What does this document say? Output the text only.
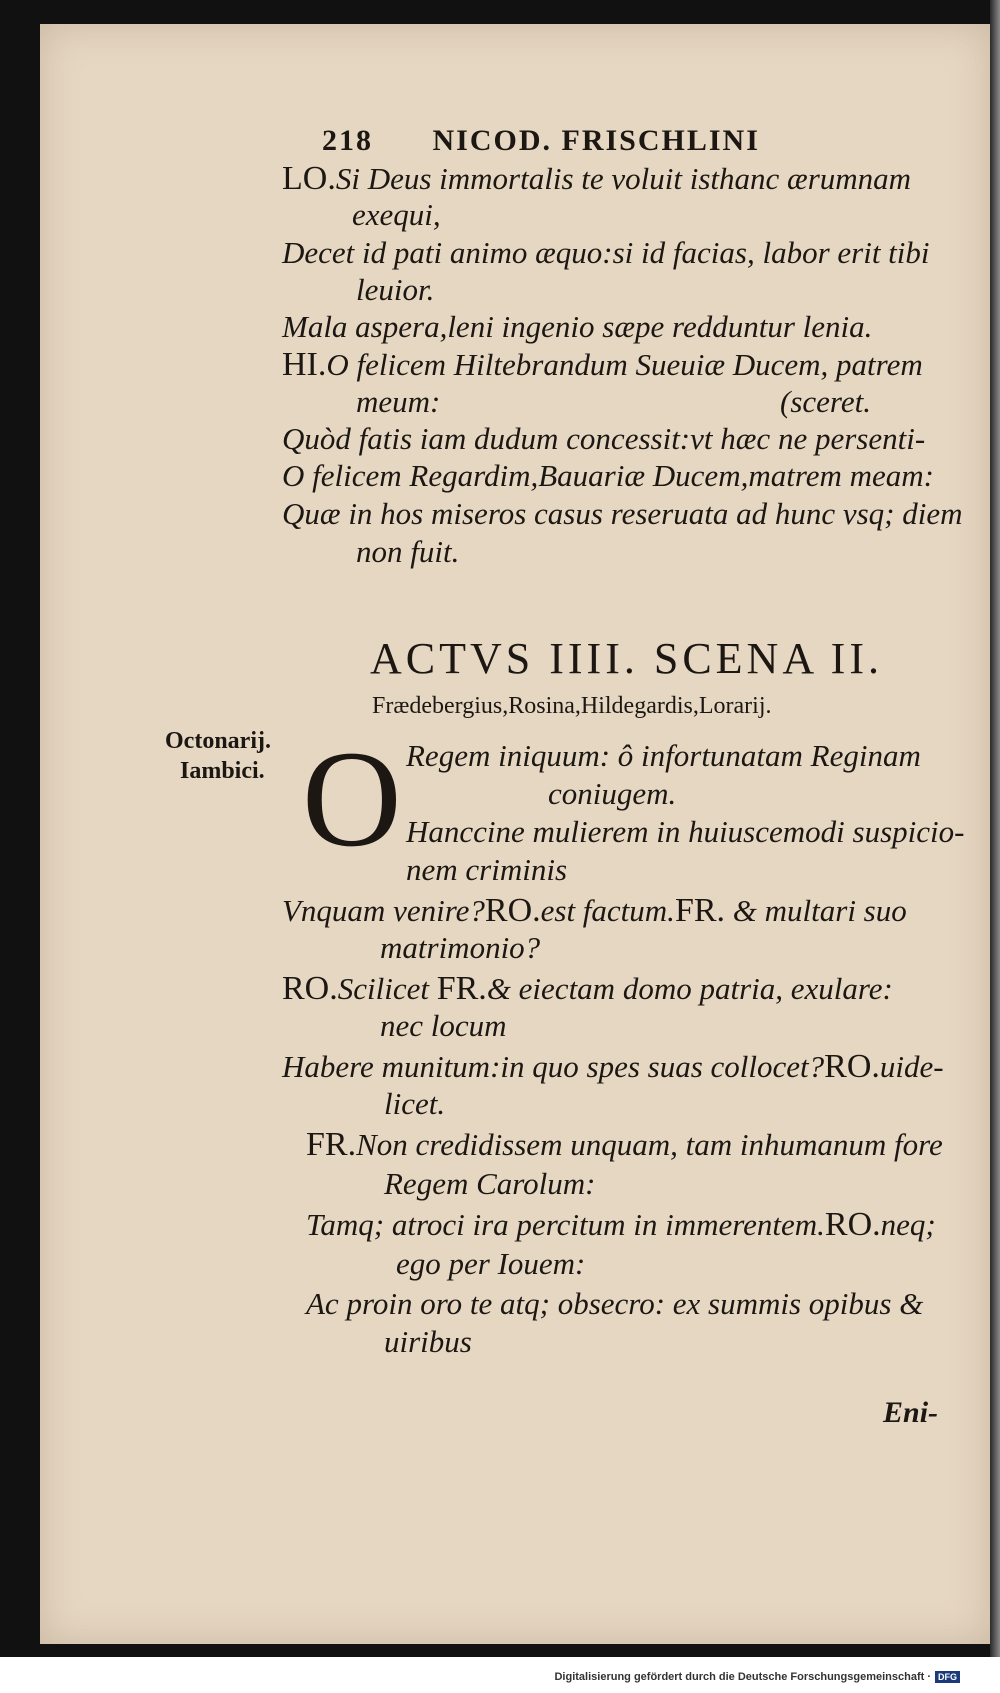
218 NICOD. FRISCHLINI
LO.Si Deus immortalis te voluit isthanc ærumnam
exequi,
Decet id pati animo æquo:si id facias, labor erit tibi
leuior.
Mala aspera,leni ingenio sæpe redduntur lenia.
HI.O felicem Hiltebrandum Sueuiæ Ducem, patrem
meum:	(sceret.
Quòd fatis iam dudum concessit:vt hæc ne persenti-
O felicem Regardim,Bauariæ Ducem,matrem meam:
Quæ in hos miseros casus reseruata ad hunc vsq; diem
non fuit.
ACTVS IIII. SCENA II.
Frædebergius,Rosina,Hildegardis,Lorarij.
Octonarij.
Iambici. O Regem iniquum: ô infortunatam Reginam
coniugem.
Hanccine mulierem in huiuscemodi suspicio-
nem criminis
Vnquam venire?RO.est factum.FR. & multari suo
matrimonio?
RO.Scilicet FR.& eiectam domo patria, exulare:
nec locum
Habere munitum:in quo spes suas collocet?RO.uide-
licet.
FR.Non credidissem unquam, tam inhumanum fore
Regem Carolum:
Tamq; atroci ira percitum in immerentem.RO.neq;
ego per Iouem:
Ac proin oro te atq; obsecro: ex summis opibus &
uiribus
Eni-
Digitalisierung gefördert durch die Deutsche Forschungsgemeinschaft · DFG
